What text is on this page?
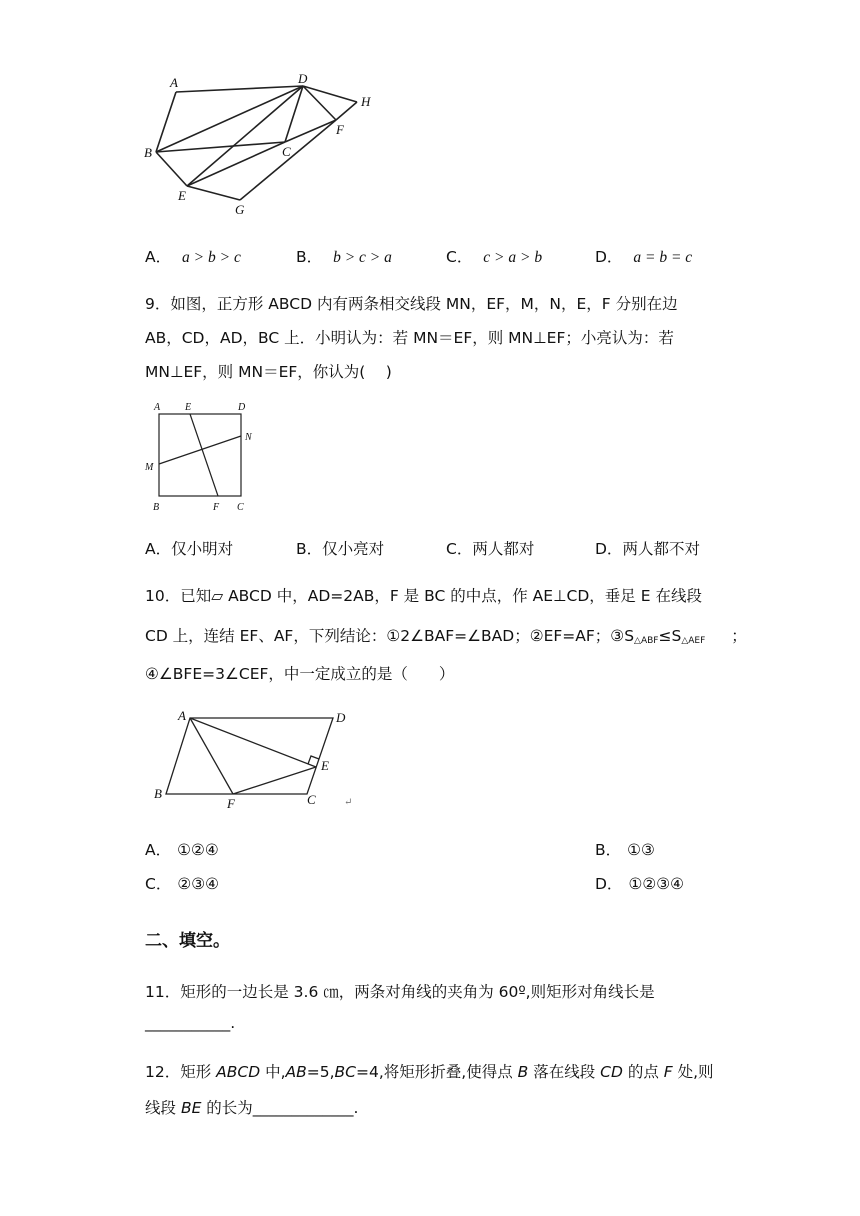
A	D
H
F
B	C
E
G
A． a > b > c	B． b > c > a	C． c > a > b	D． a = b = c
9．如图，正方形 ABCD 内有两条相交线段 MN，EF，M，N，E，F 分别在边
AB，CD，AD，BC 上．小明认为：若 MN＝EF，则 MN⊥EF；小亮认为：若
MN⊥EF，则 MN＝EF，你认为(　 )
A E	D
N
M
B	F C
A．仅小明对	B．仅小亮对	C．两人都对	D．两人都不对
10．已知▱ ABCD 中，AD=2AB，F 是 BC 的中点，作 AE⊥CD，垂足 E 在线段
CD 上，连结 EF、AF，下列结论：①2∠BAF=∠BAD；②EF=AF；$③S_{\triangle ABF}\le S_{\triangle AEF}$ ；
④∠BFE=3∠CEF，中一定成立的是（　　）
A	D
E
B
F	C	↵
A． ①②④	B． ①③
C． ②③④	D． ①②③④
二、填空。
11．矩形的一边长是 3.6 ㎝，两条对角线的夹角为 60º,则矩形对角线长是
___________.
12．矩形 ABCD 中,AB=5,BC=4,将矩形折叠,使得点 B 落在线段 CD 的点 F 处,则
线段 BE 的长为_____________.
